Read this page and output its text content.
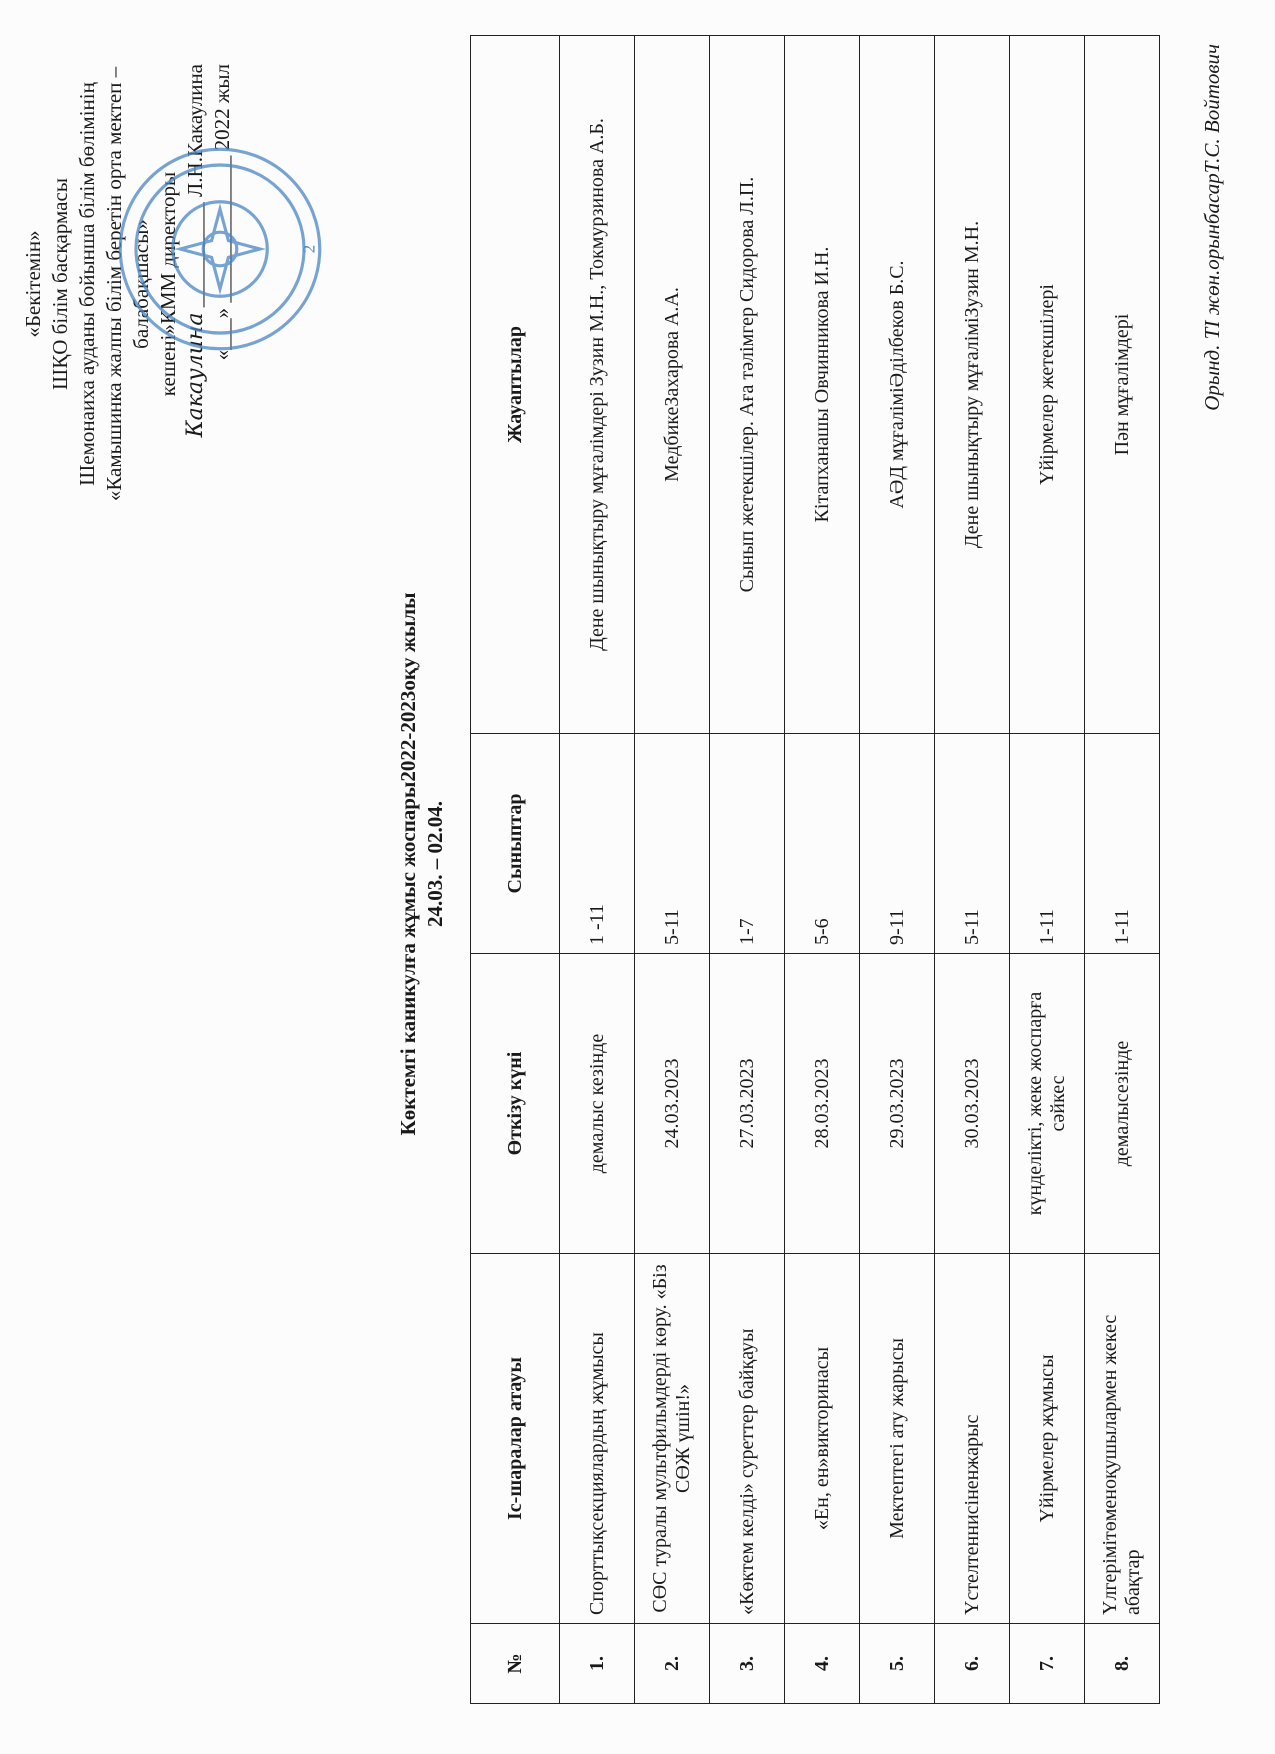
«Бекітемін» ШҚО білім басқармасы Шемонаиха ауданы бойынша білім бөлімінің «Камышинка жалпы білім беретін орта мектеп –балабақшасы» кешені»КММ директоры Какаулина __________ Л.Н.Какаулина
«___» ______________ 2022 жыл
2
Көктемгі каникулға жұмыс жоспары2022-2023оқу жылы 24.03. – 02.04.
№	Іс-шаралар атауы	Өткізу күні	Сыныптар	Жауаптылар
1.	Спорттықсекциялардың жұмысы	демалыс кезінде	1 -11	Дене шынықтыру мұғалімдері Зузин М.Н., Токмурзинова А.Б.
2.	СӨС туралы мультфильмдерді көру. «Біз СӨЖ үшін!»	24.03.2023	5-11	МедбикеЗахарова А.А.
3.	«Көктем келді» суреттер байқауы	27.03.2023	1-7	Сынып жетекшілер. Аға тәлімгер Сидорова Л.П.
4.	«Ен, ен»викторинасы	28.03.2023	5-6	Кітапханашы Овчинникова И.Н.
5.	Мектептегі ату жарысы	29.03.2023	9-11	АӘД мұғаліміӘділбеков Б.С.
6.	Үстелтеннисіненжарыс	30.03.2023	5-11	Дене шынықтыру мұғаліміЗузин М.Н.
7.	Үйірмелер жұмысы	күнделікті, жеке жоспарға сәйкес	1-11	Үйірмелер жетекшілері
8.	Үлгерімітөменоқушылармен жекес абақтар	демалысезінде	1-11	Пән мұғалімдері	Орынд. ТІ жөн.орынбасарТ.С. Войтович
